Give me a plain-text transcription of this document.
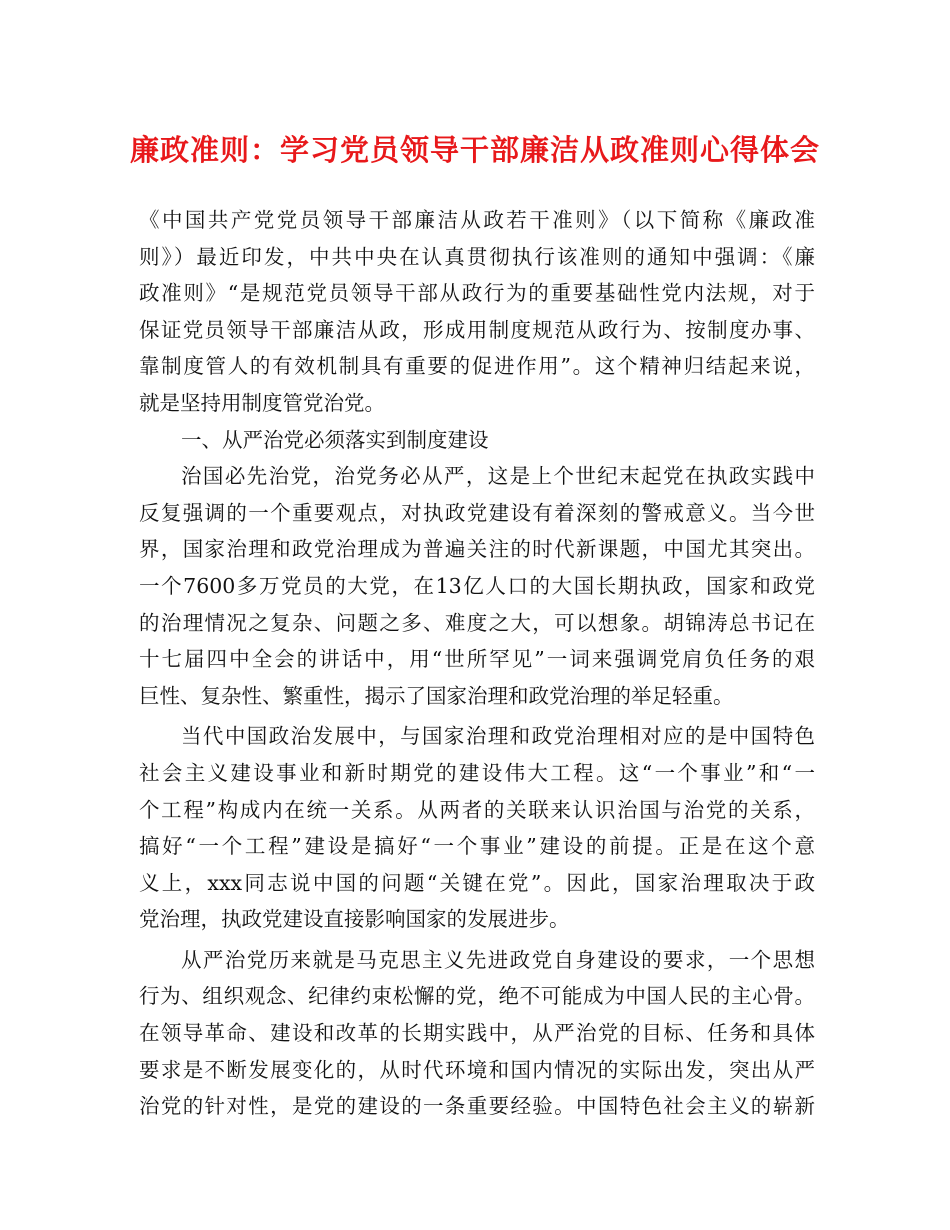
廉政准则：学习党员领导干部廉洁从政准则心得体会
《中国共产党党员领导干部廉洁从政若干准则》（以下简称《廉政准
则》）最近印发，中共中央在认真贯彻执行该准则的通知中强调：《廉
政准则》“是规范党员领导干部从政行为的重要基础性党内法规，对于
保证党员领导干部廉洁从政，形成用制度规范从政行为、按制度办事、
靠制度管人的有效机制具有重要的促进作用”。这个精神归结起来说，
就是坚持用制度管党治党。
一、从严治党必须落实到制度建设
治国必先治党，治党务必从严，这是上个世纪末起党在执政实践中
反复强调的一个重要观点，对执政党建设有着深刻的警戒意义。当今世
界，国家治理和政党治理成为普遍关注的时代新课题，中国尤其突出。
一个7600多万党员的大党，在13亿人口的大国长期执政，国家和政党
的治理情况之复杂、问题之多、难度之大，可以想象。胡锦涛总书记在
十七届四中全会的讲话中，用“世所罕见”一词来强调党肩负任务的艰
巨性、复杂性、繁重性，揭示了国家治理和政党治理的举足轻重。
当代中国政治发展中，与国家治理和政党治理相对应的是中国特色
社会主义建设事业和新时期党的建设伟大工程。这“一个事业”和“一
个工程”构成内在统一关系。从两者的关联来认识治国与治党的关系，
搞好“一个工程”建设是搞好“一个事业”建设的前提。正是在这个意
义上，xxx同志说中国的问题“关键在党”。因此，国家治理取决于政
党治理，执政党建设直接影响国家的发展进步。
从严治党历来就是马克思主义先进政党自身建设的要求，一个思想
行为、组织观念、纪律约束松懈的党，绝不可能成为中国人民的主心骨。
在领导革命、建设和改革的长期实践中，从严治党的目标、任务和具体
要求是不断发展变化的，从时代环境和国内情况的实际出发，突出从严
治党的针对性，是党的建设的一条重要经验。中国特色社会主义的崭新
